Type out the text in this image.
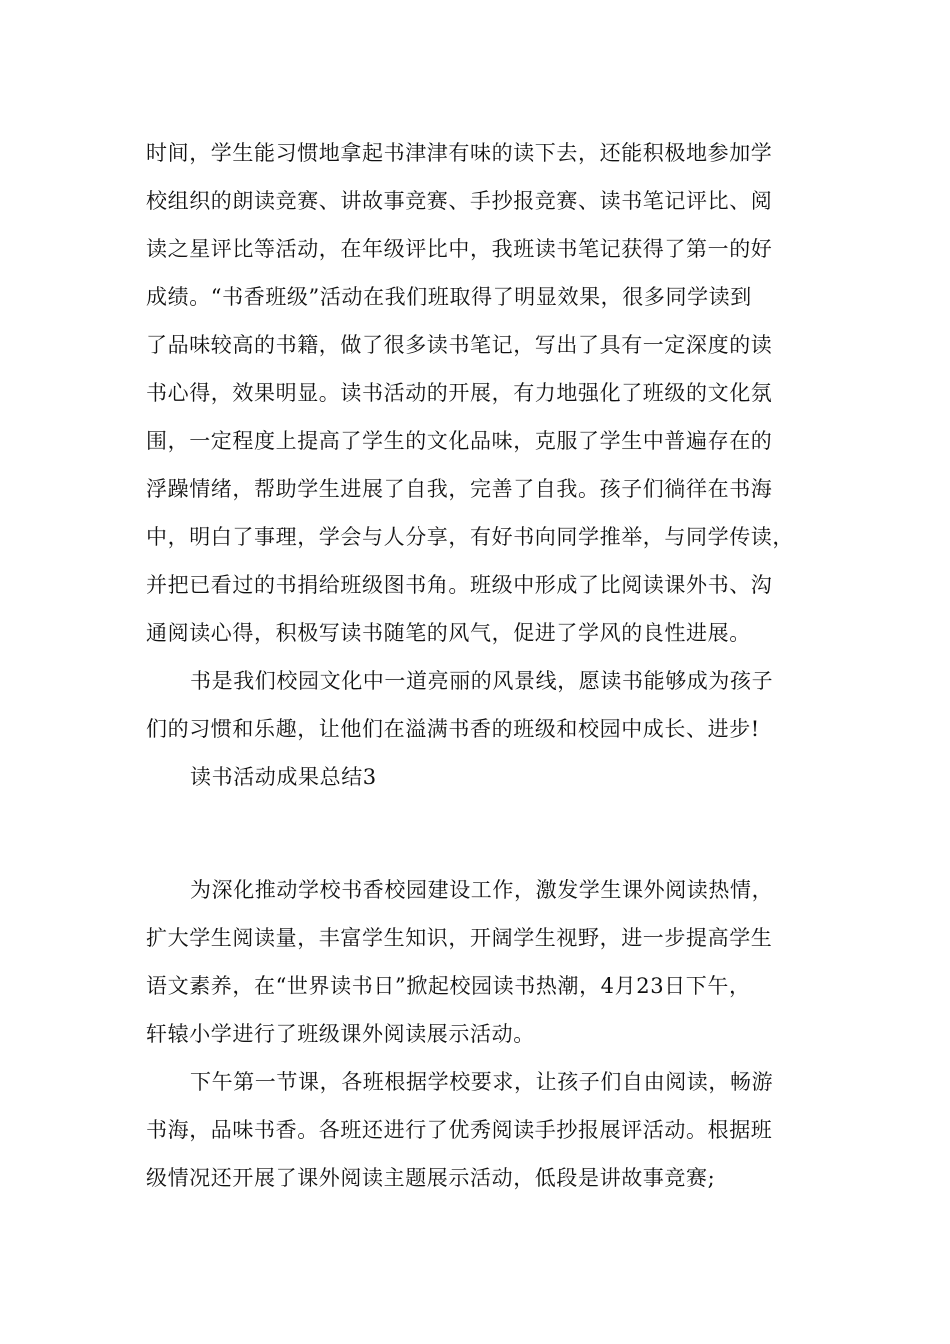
时间，学生能习惯地拿起书津津有味的读下去，还能积极地参加学
校组织的朗读竞赛、讲故事竞赛、手抄报竞赛、读书笔记评比、阅
读之星评比等活动，在年级评比中，我班读书笔记获得了第一的好
成绩。“书香班级”活动在我们班取得了明显效果，很多同学读到
了品味较高的书籍，做了很多读书笔记，写出了具有一定深度的读
书心得，效果明显。读书活动的开展，有力地强化了班级的文化氛
围，一定程度上提高了学生的文化品味，克服了学生中普遍存在的
浮躁情绪，帮助学生进展了自我，完善了自我。孩子们徜徉在书海
中，明白了事理，学会与人分享，有好书向同学推举，与同学传读，
并把已看过的书捐给班级图书角。班级中形成了比阅读课外书、沟
通阅读心得，积极写读书随笔的风气，促进了学风的良性进展。
书是我们校园文化中一道亮丽的风景线，愿读书能够成为孩子
们的习惯和乐趣，让他们在溢满书香的班级和校园中成长、进步!
读书活动成果总结3
为深化推动学校书香校园建设工作，激发学生课外阅读热情，
扩大学生阅读量，丰富学生知识，开阔学生视野，进一步提高学生
语文素养，在“世界读书日”掀起校园读书热潮，4月23日下午，
轩辕小学进行了班级课外阅读展示活动。
下午第一节课，各班根据学校要求，让孩子们自由阅读，畅游
书海，品味书香。各班还进行了优秀阅读手抄报展评活动。根据班
级情况还开展了课外阅读主题展示活动，低段是讲故事竞赛;
